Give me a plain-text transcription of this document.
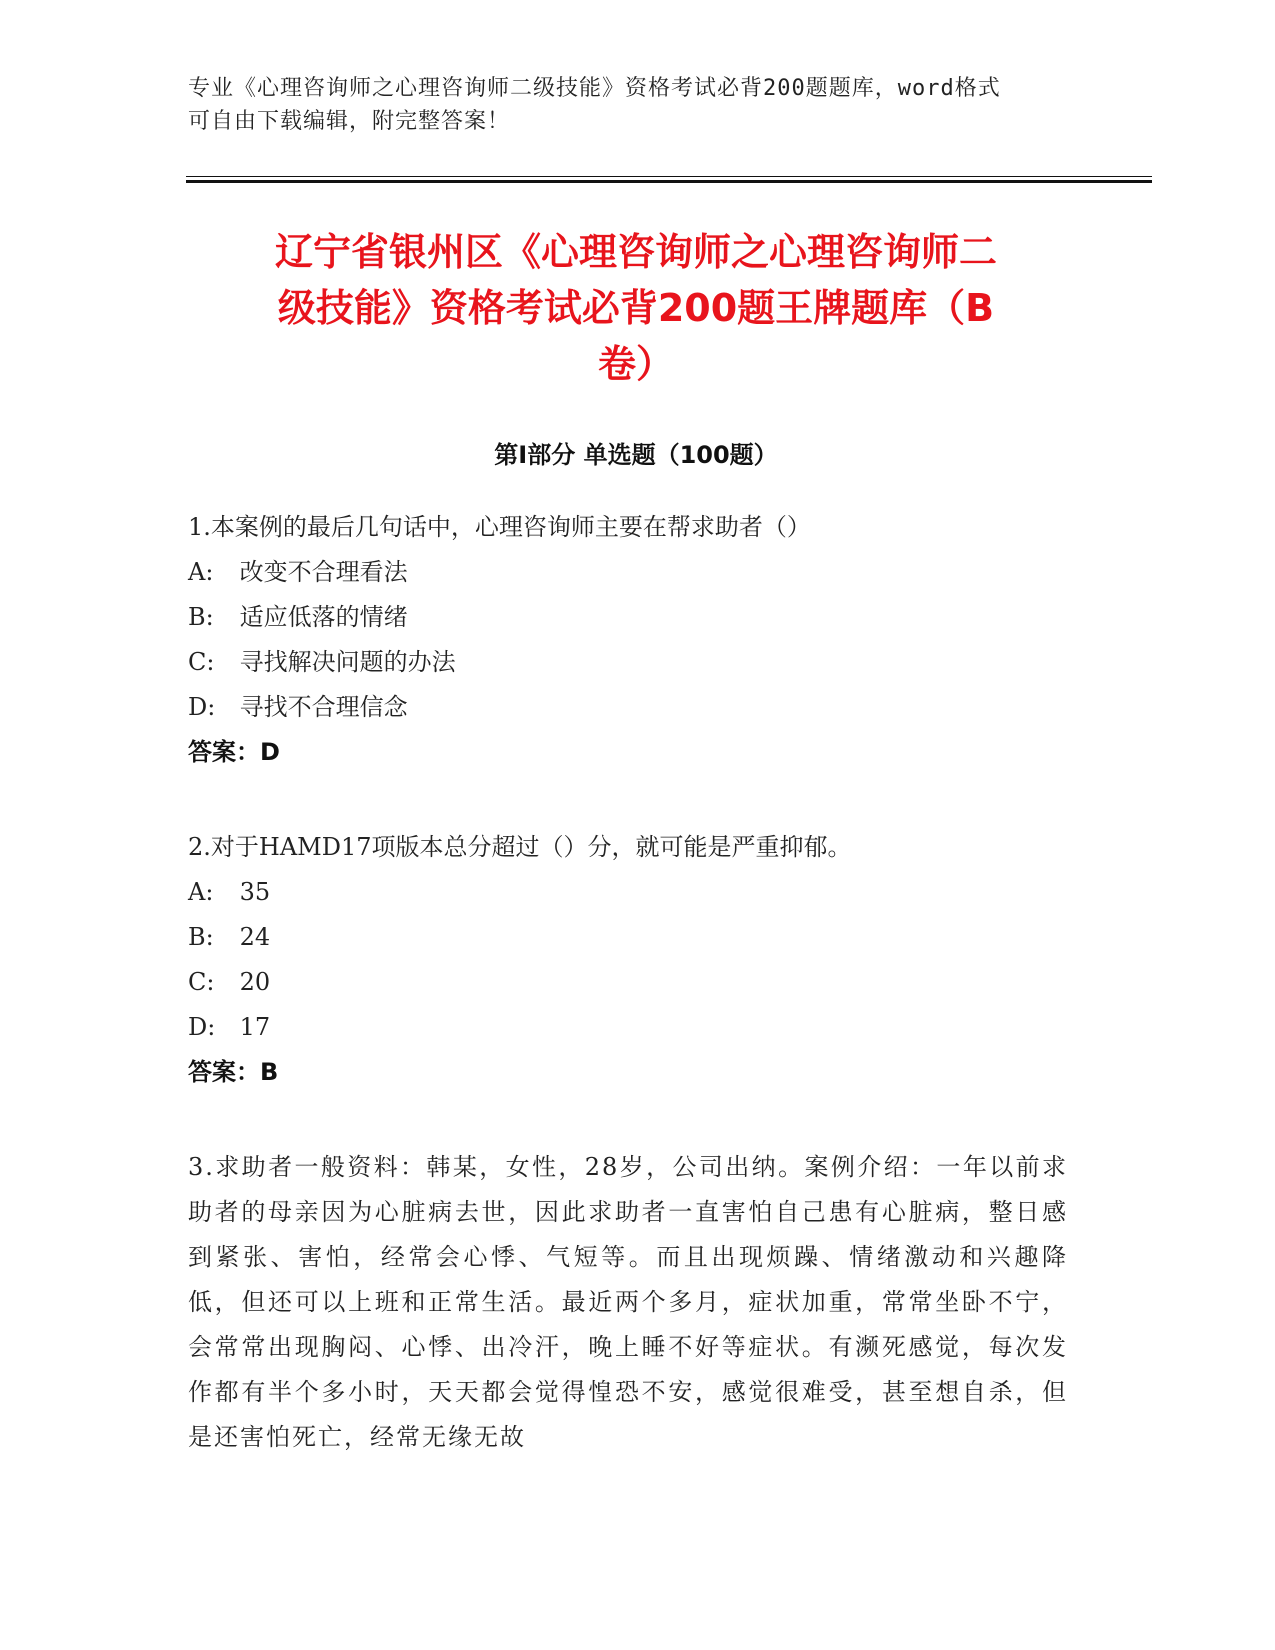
专业《心理咨询师之心理咨询师二级技能》资格考试必背200题题库，word格式
可自由下载编辑，附完整答案！
辽宁省银州区《心理咨询师之心理咨询师二
级技能》资格考试必背200题王牌题库（B
卷）
第Ⅰ部分 单选题（100题）
1.本案例的最后几句话中，心理咨询师主要在帮求助者（）
A: 改变不合理看法
B: 适应低落的情绪
C: 寻找解决问题的办法
D: 寻找不合理信念
答案：D
2.对于HAMD17项版本总分超过（）分，就可能是严重抑郁。
A: 35
B: 24
C: 20
D: 17
答案：B
3.求助者一般资料：韩某，女性，28岁，公司出纳。案例介绍：一年以前求助者的母亲因为心脏病去世，因此求助者一直害怕自己患有心脏病，整日感到紧张、害怕，经常会心悸、气短等。而且出现烦躁、情绪激动和兴趣降低，但还可以上班和正常生活。最近两个多月，症状加重，常常坐卧不宁，会常常出现胸闷、心悸、出冷汗，晚上睡不好等症状。有濒死感觉，每次发作都有半个多小时，天天都会觉得惶恐不安，感觉很难受，甚至想自杀，但是还害怕死亡，经常无缘无故
